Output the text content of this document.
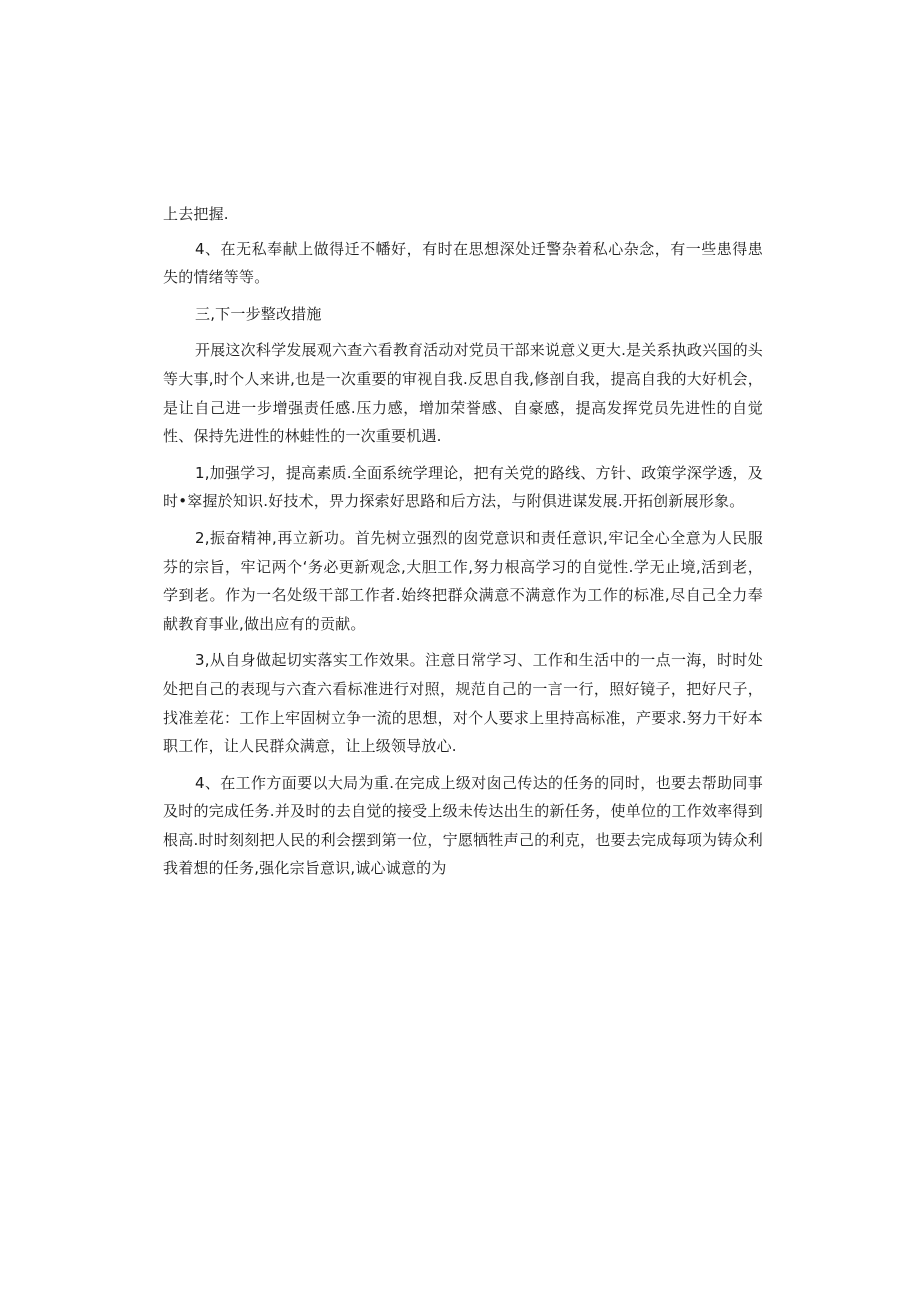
上去把握.

4、在无私奉献上做得迁不幡好，有时在思想深处迁警杂着私心杂念，有一些患得患失的情绪等等。

三,下一步整改措施

开展这次科学发展观六查六看教育活动对党员干部来说意义更大.是关系执政兴国的头等大事,时个人来讲,也是一次重要的审视自我.反思自我,修剖自我，提高自我的大好机会，是让自己进一步增强责任感.压力感，增加荣誉感、自豪感，提高发挥党员先进性的自觉性、保持先进性的林蛙性的一次重要机遇.

1,加强学习，提高素质.全面系统学理论，把有关党的路线、方针、政策学深学透，及时•窣握於知识.好技术，畀力探索好思路和后方法，与附俱进谋发展.开拓创新展形象。

2,振奋精神,再立新功。首先树立强烈的囱党意识和责任意识,牢记全心全意为人民服芬的宗旨，牢记两个‘务必更新观念,大胆工作,努力根高学习的自觉性.学无止境,活到老，学到老。作为一名处级干部工作者.始终把群众满意不满意作为工作的标准,尽自己全力奉献教育事业,做出应有的贡献。

3,从自身做起切实落实工作效果。注意日常学习、工作和生活中的一点一海，时时处处把自己的表现与六査六看标准进行对照，规范自己的一言一行，照好镜子，把好尺子，找准差花：工作上牢固树立争一流的思想，对个人要求上里持高标准，产要求.努力干好本职工作，让人民群众满意，让上级领导放心.

4、在工作方面要以大局为重.在完成上级对囱己传达的任务的同时，也要去帮助同事及时的完成任务.并及时的去自觉的接受上级未传达出生的新任务，使单位的工作效率得到根高.时时刻刻把人民的利会摆到第一位，宁愿牺牲声己的利克，也要去完成每项为铸众利我着想的任务,强化宗旨意识,诚心诚意的为
